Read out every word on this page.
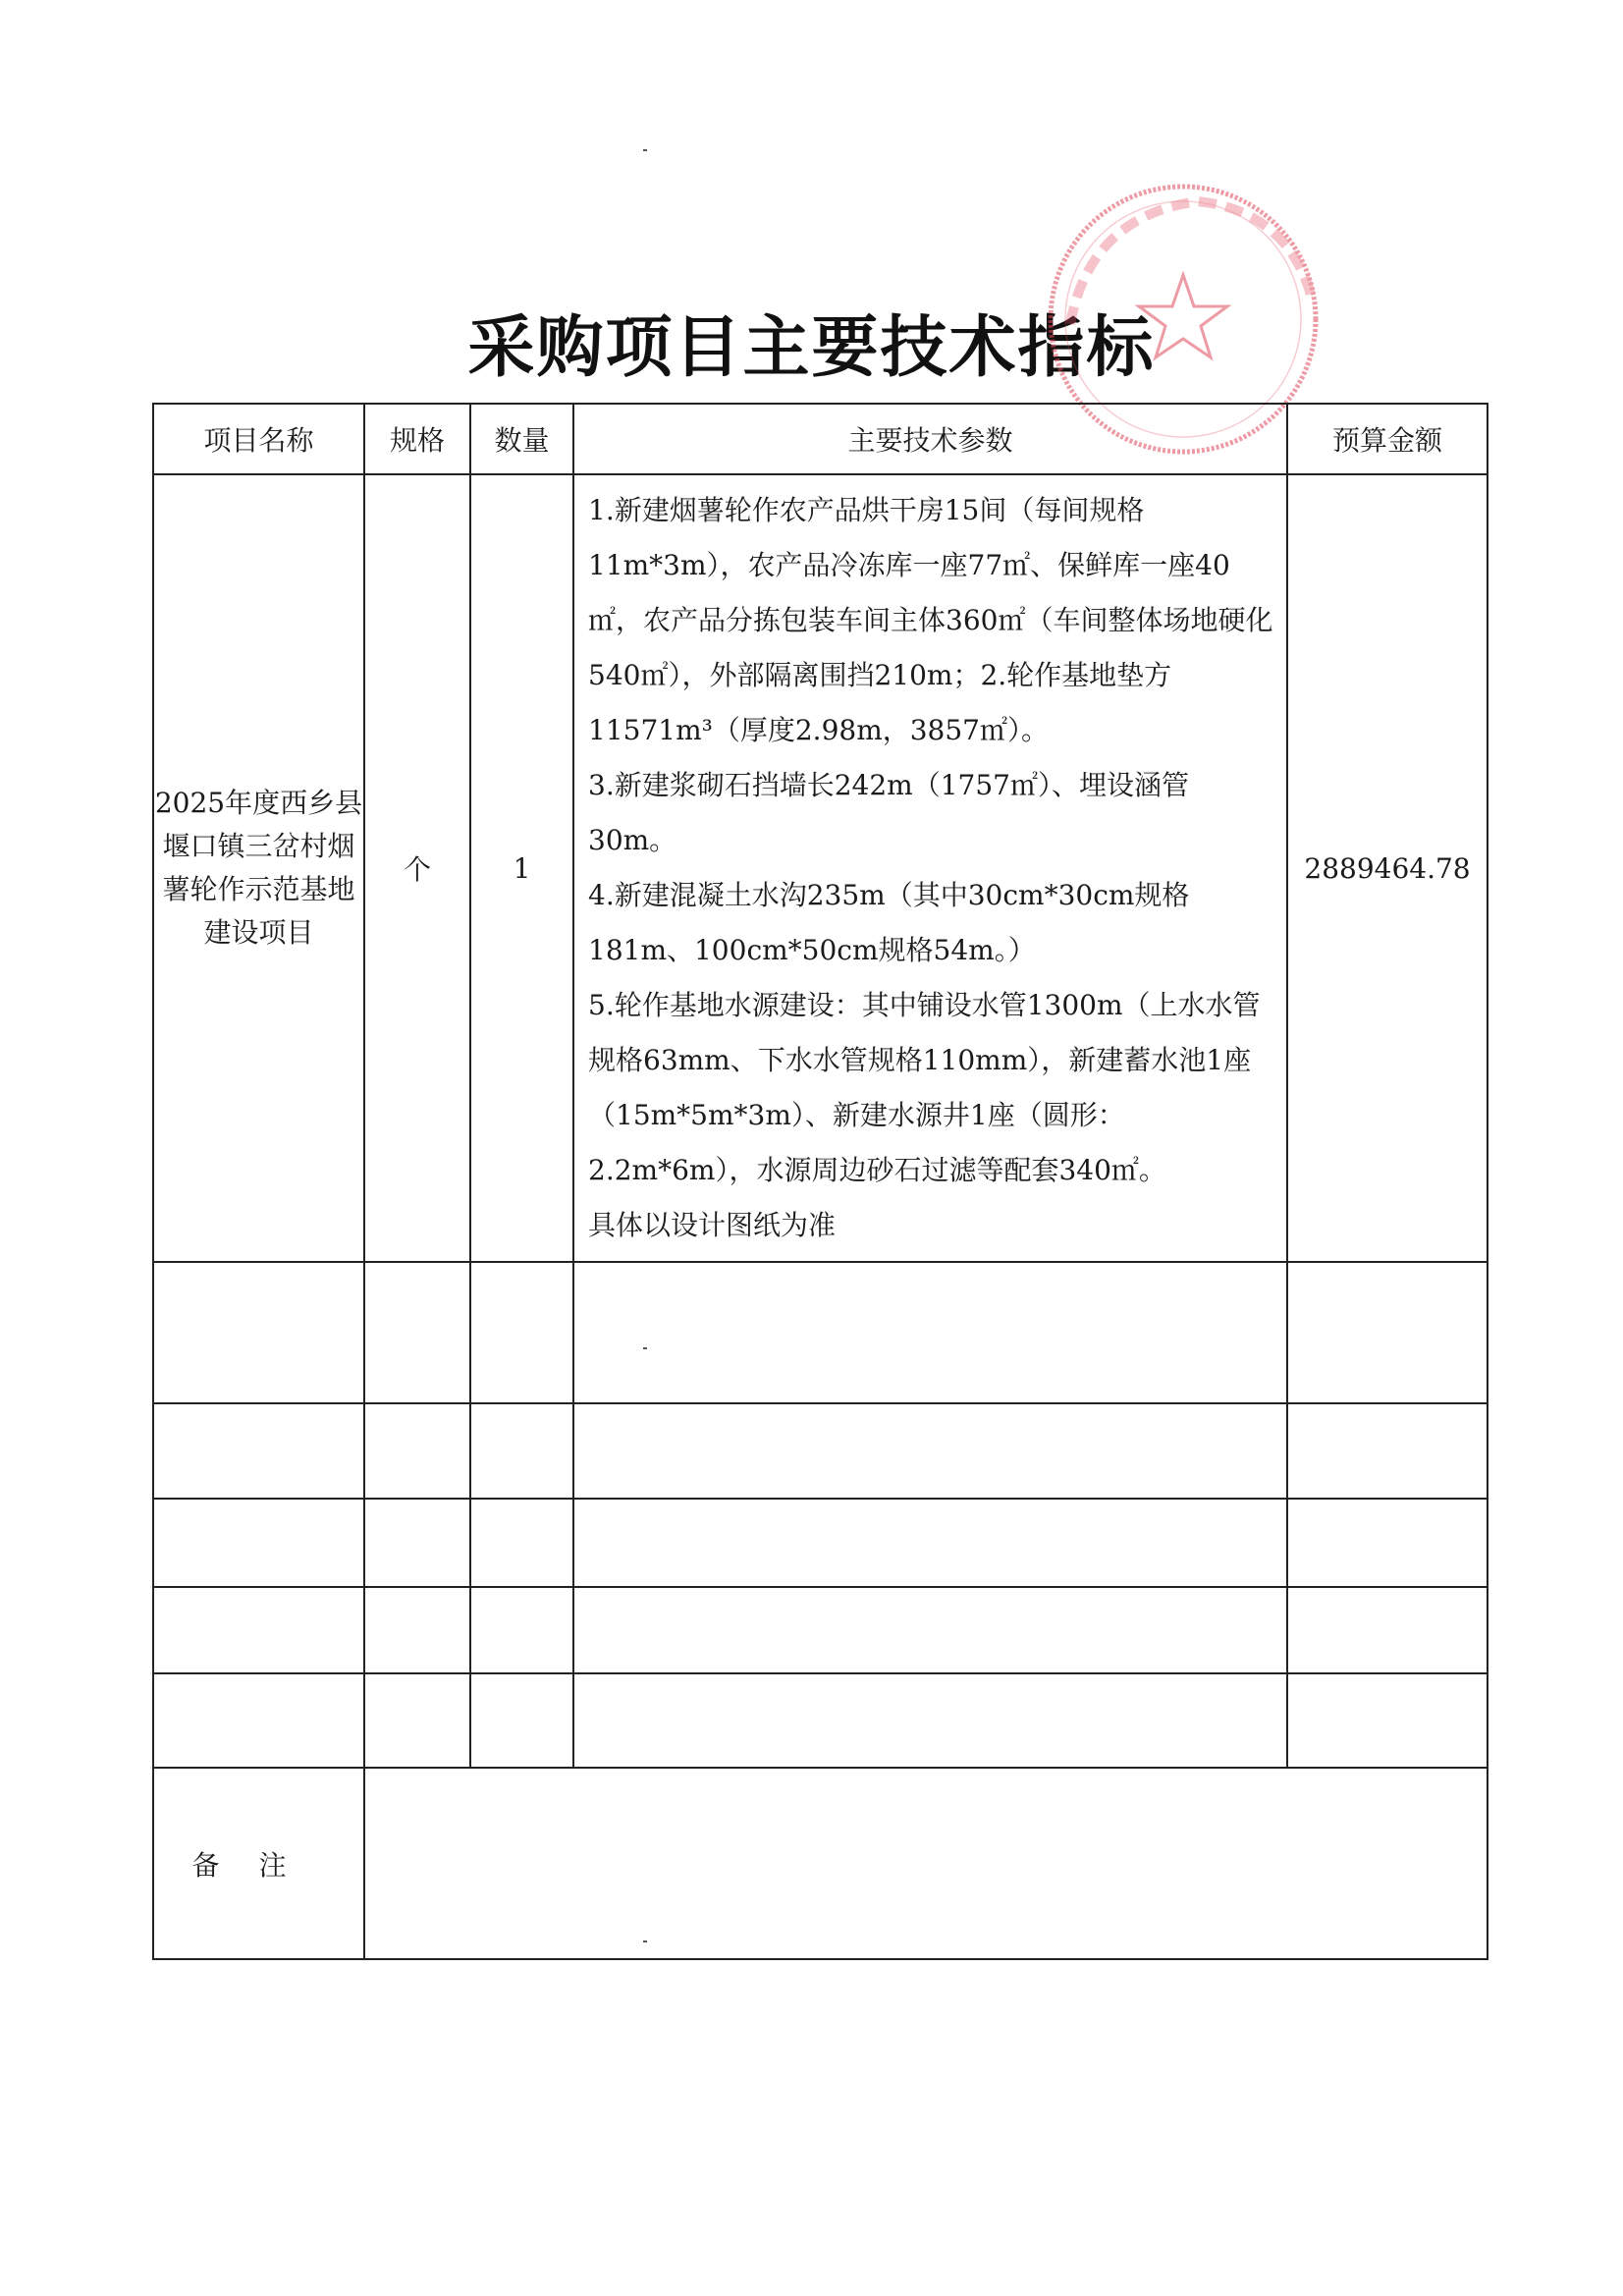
采购项目主要技术指标
项目名称	规格	数量	主要技术参数	预算金额
2025年度西乡县堰口镇三岔村烟薯轮作示范基地建设项目	个	1	1.新建烟薯轮作农产品烘干房15间（每间规格11m*3m），农产品冷冻库一座77㎡、保鲜库一座40㎡，农产品分拣包装车间主体360㎡（车间整体场地硬化540㎡），外部隔离围挡210m；2.轮作基地垫方11571m³（厚度2.98m，3857㎡）。

3.新建浆砌石挡墙长242m（1757㎡）、埋设涵管30m。

4.新建混凝土水沟235m（其中30cm*30cm规格181m、100cm*50cm规格54m。）

5.轮作基地水源建设：其中铺设水管1300m（上水水管规格63mm、下水水管规格110mm），新建蓄水池1座（15m*5m*3m）、新建水源井1座（圆形：2.2m*6m），水源周边砂石过滤等配套340㎡。

具体以设计图纸为准	2889464.78

备注				
